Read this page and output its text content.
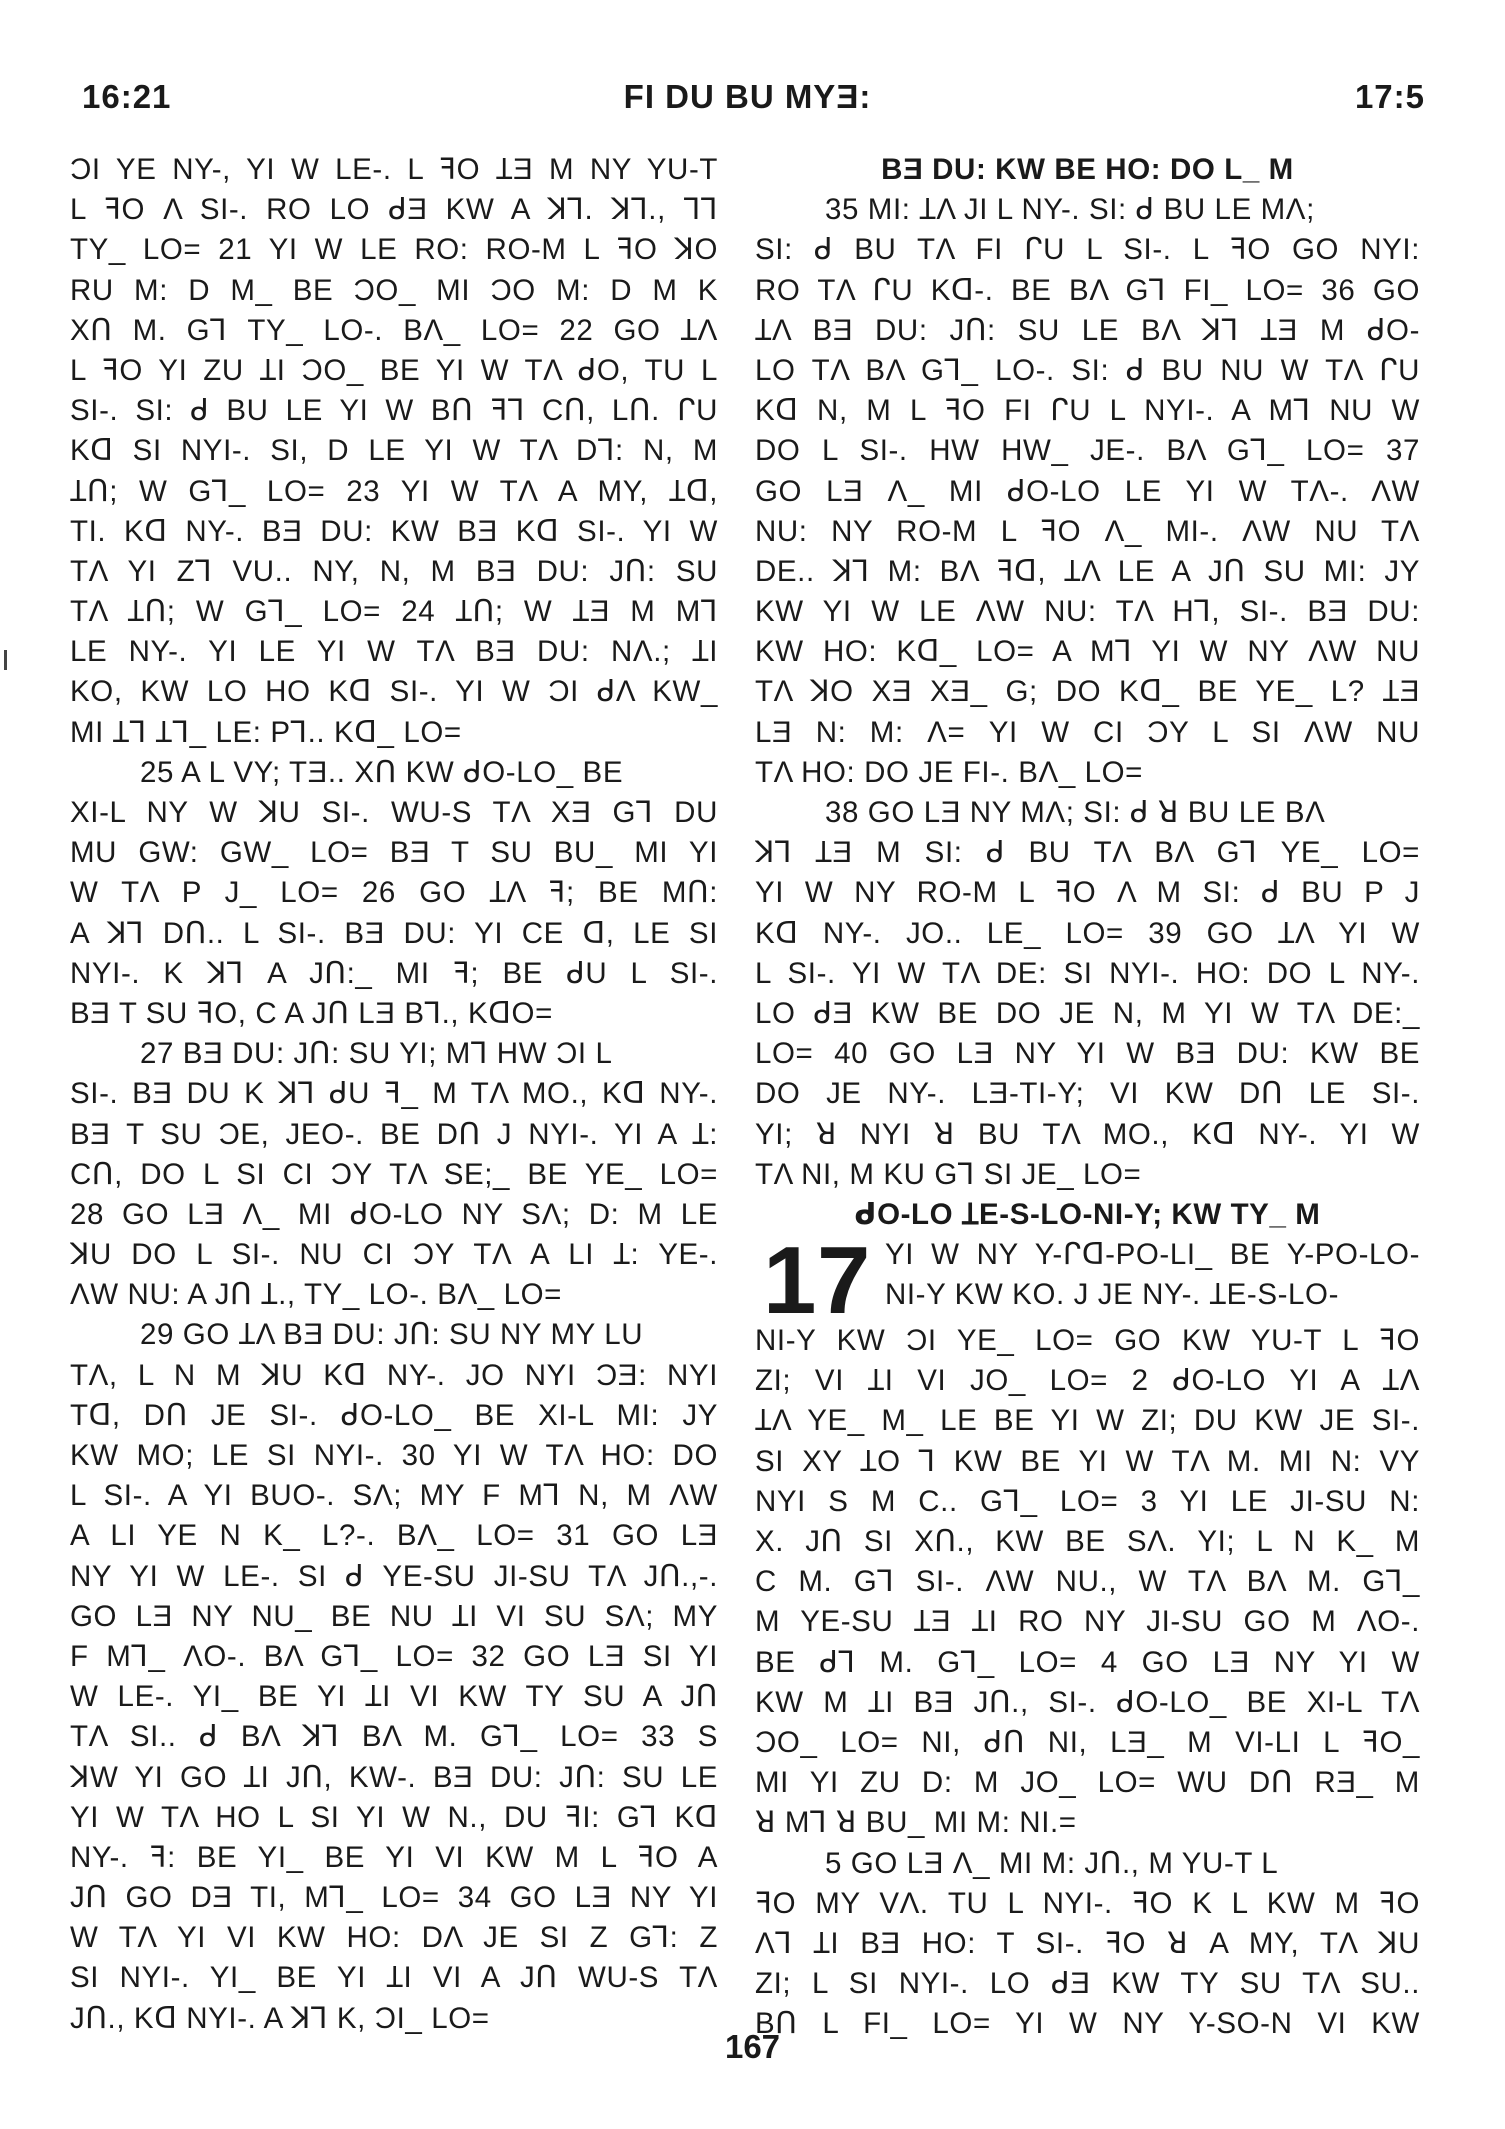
16:21	FI DU BU MYƎ:	17:5
ƆI YE NY-, YI W LE-. L ꟻO ꞱƎ M NY YU-T
L ꟻO Λ SI-. RO LO ᑯƎ KW A ꓘꓶ. ꓘꓶ., Ꞁꓶ
TY_ LO= 21 YI W LE RO: RO-M L ꟻO ꓘO
RU M: D M_ BE ƆO_ MI ƆO M: D M K
Xᑎ M. Gꓶ TY_ LO-. BΛ_ LO= 22 GO ꞱΛ
L ꟻO YI ZU ꞱI ƆO_ BE YI W TΛ ᑯO, TU L
SI-. SI: ᑯ BU LE YI W Bᑎ ꟻꓶ Cᑎ, Lᑎ. ᒋU
Kᗡ SI NYI-. SI, D LE YI W TΛ Dꓶ: N, M
Ʇᑎ; W Gꓶ_ LO= 23 YI W TΛ A MY, Ʇᗡ,
TI. Kᗡ NY-. BƎ DU: KW BƎ Kᗡ SI-. YI W
TΛ YI Zꓶ VU.. NY, N, M BƎ DU: Jᑎ: SU
TΛ Ʇᑎ; W Gꓶ_ LO= 24 Ʇᑎ; W ꞱƎ M Mꓶ
LE NY-. YI LE YI W TΛ BƎ DU: NΛ.; ꞱI
KO, KW LO HO Kᗡ SI-. YI W ƆI ᑯΛ KW_
MI Ʇꓶ Ʇꓶ_ LE: Pꓶ.. Kᗡ_ LO=
25 A L VY; TƎ.. Xᑎ KW ᑯO-LO_ BE
XI-L NY W ꓘU SI-. WU-S TΛ XƎ Gꓶ DU
MU GW: GW_ LO= BƎ T SU BU_ MI YI
W TΛ P J_ LO= 26 GO ꞱΛ ꟻ; BE Mᑎ:
A ꓘꓶ Dᑎ.. L SI-. BƎ DU: YI CE ᗡ, LE SI
NYI-. K ꓘꓶ A Jᑎ:_ MI ꟻ; BE ᑯU L SI-.
BƎ T SU ꟻO, C A Jᑎ LƎ Bꓶ., KᗡO=
27 BƎ DU: Jᑎ: SU YI; Mꓶ HW ƆI L
SI-. BƎ DU K ꓘꓶ ᑯU ꟻ_ M TΛ MO., Kᗡ NY-.
BƎ T SU ƆE, JEO-. BE Dᑎ J NYI-. YI A Ʇ:
Cᑎ, DO L SI CI ƆY TΛ SE;_ BE YE_ LO=
28 GO LƎ Λ_ MI ᑯO-LO NY SΛ; D: M LE
ꓘU DO L SI-. NU CI ƆY TΛ A LI Ʇ: YE-.
ΛW NU: A Jᑎ Ʇ., TY_ LO-. BΛ_ LO=
29 GO ꞱΛ BƎ DU: Jᑎ: SU NY MY LU
TΛ, L N M ꓘU Kᗡ NY-. JO NYI ƆƎ: NYI
Tᗡ, Dᑎ JE SI-. ᑯO-LO_ BE XI-L MI: JY
KW MO; LE SI NYI-. 30 YI W TΛ HO: DO
L SI-. A YI BUO-. SΛ; MY F Mꓶ N, M ΛW
A LI YE N K_ L?-. BΛ_ LO= 31 GO LƎ
NY YI W LE-. SI ᑯ YE-SU JI-SU TΛ Jᑎ.,-.
GO LƎ NY NU_ BE NU ꞱI VI SU SΛ; MY
F Mꓶ_ ΛO-. BΛ Gꓶ_ LO= 32 GO LƎ SI YI
W LE-. YI_ BE YI ꞱI VI KW TY SU A Jᑎ
TΛ SI.. ᑯ BΛ ꓘꓶ BΛ M. Gꓶ_ LO= 33 S
ꓘW YI GO ꞱI Jᑎ, KW-. BƎ DU: Jᑎ: SU LE
YI W TΛ HO L SI YI W N., DU ꟻI: Gꓶ Kᗡ
NY-. ꟻ: BE YI_ BE YI VI KW M L ꟻO A
Jᑎ GO DƎ TI, Mꓶ_ LO= 34 GO LƎ NY YI
W TΛ YI VI KW HO: DΛ JE SI Z Gꓶ: Z
SI NYI-. YI_ BE YI ꞱI VI A Jᑎ WU-S TΛ
Jᑎ., Kᗡ NYI-. A ꓘꓶ K, ƆI_ LO=
BƎ DU: KW BE HO: DO L_ M
35 MI: ꞱΛ JI L NY-. SI: ᑯ BU LE MΛ;
SI: ᑯ BU TΛ FI ᒋU L SI-. L ꟻO GO NYI:
RO TΛ ᒋU Kᗡ-. BE BΛ Gꓶ FI_ LO= 36 GO
ꞱΛ BƎ DU: Jᑎ: SU LE BΛ ꓘꓶ ꞱƎ M ᑯO-
LO TΛ BΛ Gꓶ_ LO-. SI: ᑯ BU NU W TΛ ᒋU
Kᗡ N, M L ꟻO FI ᒋU L NYI-. A Mꓶ NU W
DO L SI-. HW HW_ JE-. BΛ Gꓶ_ LO= 37
GO LƎ Λ_ MI ᑯO-LO LE YI W TΛ-. ΛW
NU: NY RO-M L ꟻO Λ_ MI-. ΛW NU TΛ
DE.. ꓘꓶ M: BΛ ꟻᗡ, ꞱΛ LE A Jᑎ SU MI: JY
KW YI W LE ΛW NU: TΛ Hꓶ, SI-. BƎ DU:
KW HO: Kᗡ_ LO= A Mꓶ YI W NY ΛW NU
TΛ ꓘO XƎ XƎ_ G; DO Kᗡ_ BE YE_ L? ꞱƎ
LƎ N: M: Λ= YI W CI ƆY L SI ΛW NU
TΛ HO: DO JE FI-. BΛ_ LO=
38 GO LƎ NY MΛ; SI: ᑯ ꓤ BU LE BΛ
ꓘꓶ ꞱƎ M SI: ᑯ BU TΛ BΛ Gꓶ YE_ LO=
YI W NY RO-M L ꟻO Λ M SI: ᑯ BU P J
Kᗡ NY-. JO.. LE_ LO= 39 GO ꞱΛ YI W
L SI-. YI W TΛ DE: SI NYI-. HO: DO L NY-.
LO ᑯƎ KW BE DO JE N, M YI W TΛ DE:_
LO= 40 GO LƎ NY YI W BƎ DU: KW BE
DO JE NY-. LƎ-TI-Y; VI KW Dᑎ LE SI-.
YI; ꓤ NYI ꓤ BU TΛ MO., Kᗡ NY-. YI W
TΛ NI, M KU Gꓶ SI JE_ LO=
ᑯO-LO ꞱE-S-LO-NI-Y; KW TY_ M
17 YI W NY Y-ᒋᗡ-PO-LI_ BE Y-PO-LO-
NI-Y KW KO. J JE NY-. ꞱE-S-LO-
NI-Y KW ƆI YE_ LO= GO KW YU-T L ꟻO
ZI; VI ꞱI VI JO_ LO= 2 ᑯO-LO YI A ꞱΛ
ꞱΛ YE_ M_ LE BE YI W ZI; DU KW JE SI-.
SI XY ꞱO ꓶ KW BE YI W TΛ M. MI N: VY
NYI S M C.. Gꓶ_ LO= 3 YI LE JI-SU N:
X. Jᑎ SI Xᑎ., KW BE SΛ. YI; L N K_ M
C M. Gꓶ SI-. ΛW NU., W TΛ BΛ M. Gꓶ_
M YE-SU ꞱƎ ꞱI RO NY JI-SU GO M ΛO-.
BE ᑯꓶ M. Gꓶ_ LO= 4 GO LƎ NY YI W
KW M ꞱI BƎ Jᑎ., SI-. ᑯO-LO_ BE XI-L TΛ
ƆO_ LO= NI, ᑯᑎ NI, LƎ_ M VI-LI L ꟻO_
MI YI ZU D: M JO_ LO= WU Dᑎ RƎ_ M
ꓤ Mꓶ ꓤ BU_ MI M: NI.=
5 GO LƎ Λ_ MI M: Jᑎ., M YU-T L
ꟻO MY VΛ. TU L NYI-. ꟻO K L KW M ꟻO
Λꓶ ꞱI BƎ HO: T SI-. ꟻO ꓤ A MY, TΛ ꓘU
ZI; L SI NYI-. LO ᑯƎ KW TY SU TΛ SU..
Bᑎ L FI_ LO= YI W NY Y-SO-N VI KW
167
